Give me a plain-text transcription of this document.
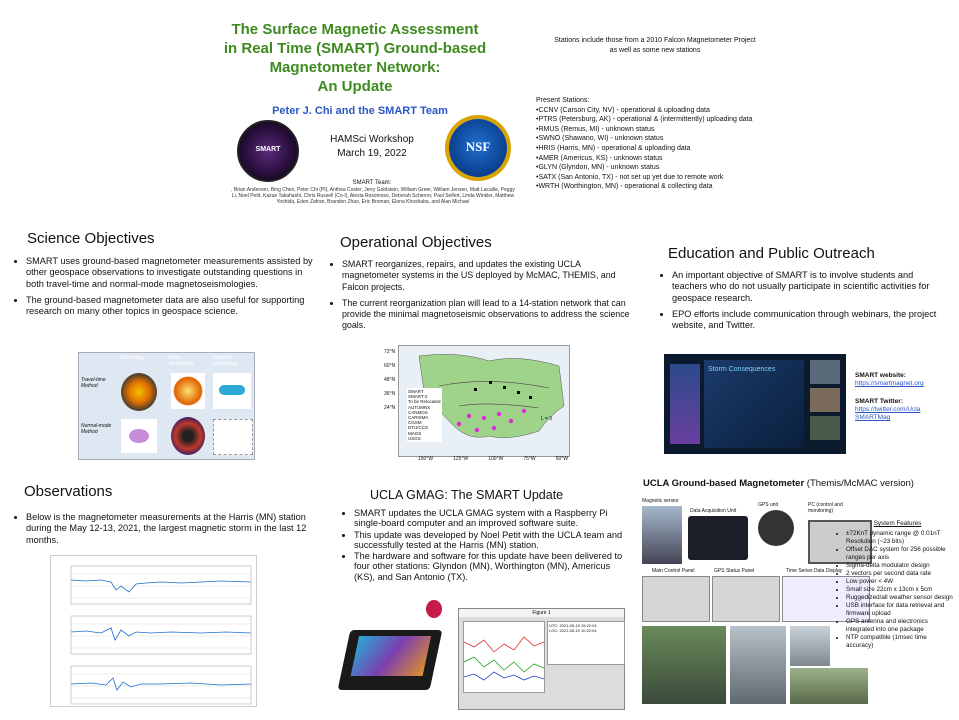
The Surface Magnetic Assessment
in Real Time (SMART) Ground-based
Magnetometer Network:
An Update
Peter J. Chi and the SMART Team
SMART	NSF
HAMSci Workshop
March 19, 2022
SMART Team:
, Brian Anderson, Bing Chen, Peter Chi (PI), Anthea Coster, Jerry Goldstein, William Greer, William Jensen, Matt Lacaille, Peggy Li, Noel Petit, Kazue Takahashi, Chris Russell (Co-I), Alexia Rosomoso, Deborah Scherrer, Paul Seifert, Linda Winkler, Matthew Yoshida, Eden Zafran, Brandon Zhao, Eric Broman, Elona Khoshaba, and Alan Michael
Stations include those from a 2010 Falcon Magnetometer Project
as well as some new stations
Present Stations:
•CCNV (Carson City, NV) - operational & uploading data
•PTRS (Petersburg, AK) - operational & (intermittently) uploading data
•RMUS (Remus, MI) - unknown status
•SWNO (Shawano, WI) - unknown status
•HRIS (Harris, MN) - operational & uploading data
•AMER (Americus, KS) - unknown status
•GLYN (Glyndon, MN) - unknown status
•SATX (San Antonio, TX) - not set up yet due to remote work
•WRTH (Worthington, MN) - operational & collecting data
Science Objectives
• SMART uses ground-based magnetometer measurements assisted by other geospace observations to investigate outstanding questions in both travel-time and normal-mode magnetoseismologies.
• The ground-based magnetometer data are also useful for supporting research on many other topics in geospace science.
Seismology	Helio-seismology
Magneto-seismology
Travel-time Method
Normal-mode Method
Operational Objectives
• SMART reorganizes, repairs, and updates the existing UCLA magnetometer systems in the US deployed by McMAC, THEMIS, and Falcon projects.
• The current reorganization plan will lead to a 14-station network that can provide the minimal magnetoseismic observations to address the science goals.
72°N
60°N
48°N
36°N
24°N
SMART
SMART-2
To be Relocated
AUTUMNX
CANMOS
CARISMA
CGSM
DTU/CCS
MAGS
USGS
L = 3
150°W	125°W	100°W	75°W	50°W
Education and Public Outreach
• An important objective of SMART is to involve students and teachers who do not usually participate in scientific activities for geospace research.
• EPO efforts include communication through webinars, the project website, and Twitter.
Storm Consequences
SMART website:
https://smartmagnet.org
SMART Twitter:
https://twitter.com/Ucla
SMARTMag
Observations
• Below is the magnetometer measurements at the Harris (MN) station during the May 12-13, 2021, the largest magnetic storm in the last 12 months.
UCLA GMAG: The SMART Update
• SMART updates the UCLA GMAG system with a Raspberry Pi single-board computer and an improved software suite.
• This update was developed by Noel Petit with the UCLA team and successfully tested at the Harris (MN) station.
• The hardware and software for this update have been delivered to four other stations: Glyndon (MN), Worthington (MN), Americus (KS), and San Antonio (TX).
Figure 1
UTC: 2021-05-19 15:22:04
LOC: 2021-05-19 10:22:04
UCLA Ground-based Magnetometer (Themis/McMAC version)
Magnetic sensor
Data Acquisition Unit
GPS unit	PC (control and monitoring)
Main Control Panel	GPS Status Panel	Time Series Data Display
System Features
• ±72KnT dynamic range @ 0.01nT Resolution (~23 bits)
• Offset DAC system for 256 possible ranges per axis
• Sigma-delta modulator design
• 2 vectors per second data rate
• Low power < 4W
• Small size 22cm x 13cm x 5cm
• Ruggedized/all weather sensor design
• USB interface for data retrieval and firmware upload
• GPS antenna and electronics integrated into one package
• NTP compatible (1msec time accuracy)
